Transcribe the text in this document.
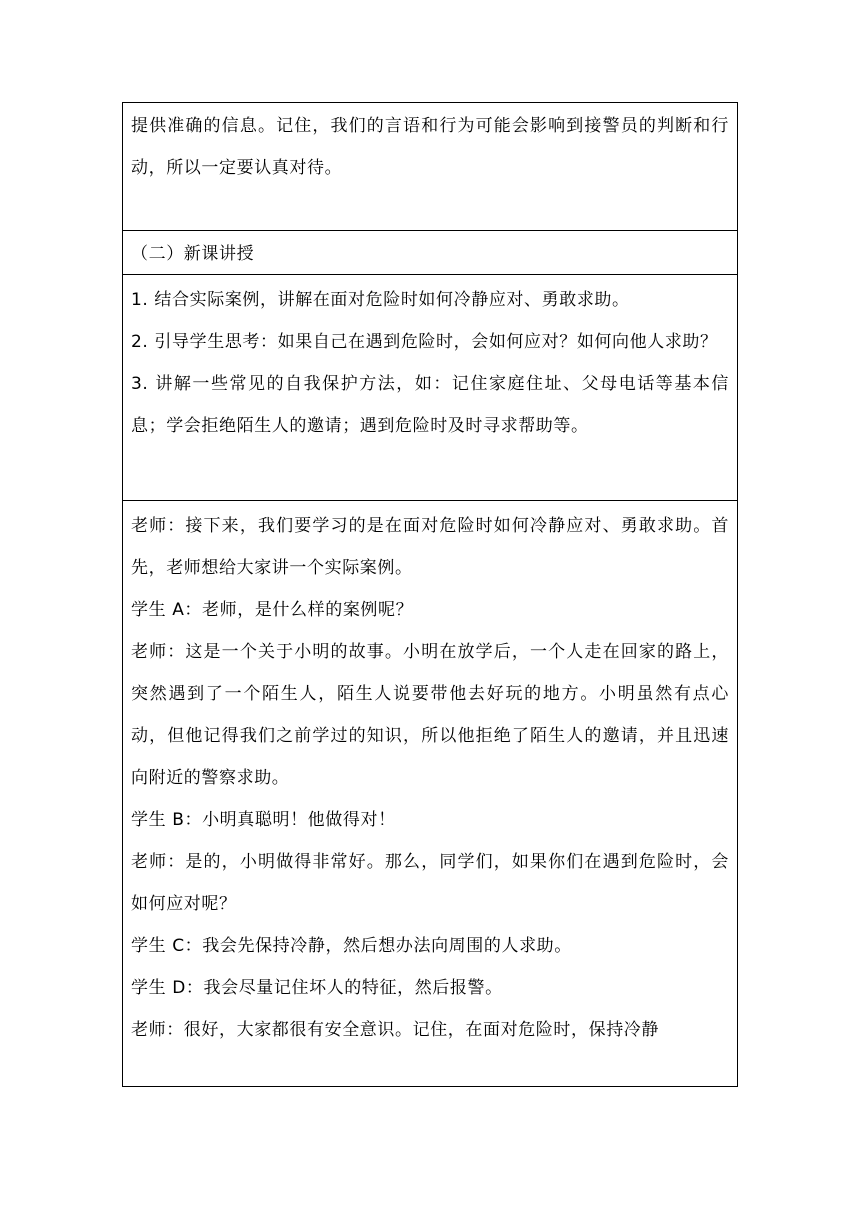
提供准确的信息。记住，我们的言语和行为可能会影响到接警员的判断和行动，所以一定要认真对待。

（二）新课讲授

1. 结合实际案例，讲解在面对危险时如何冷静应对、勇敢求助。

2. 引导学生思考：如果自己在遇到危险时，会如何应对？如何向他人求助？

3. 讲解一些常见的自我保护方法，如：记住家庭住址、父母电话等基本信息；学会拒绝陌生人的邀请；遇到危险时及时寻求帮助等。

老师：接下来，我们要学习的是在面对危险时如何冷静应对、勇敢求助。首先，老师想给大家讲一个实际案例。

学生 A：老师，是什么样的案例呢？

老师：这是一个关于小明的故事。小明在放学后，一个人走在回家的路上，突然遇到了一个陌生人，陌生人说要带他去好玩的地方。小明虽然有点心动，但他记得我们之前学过的知识，所以他拒绝了陌生人的邀请，并且迅速向附近的警察求助。

学生 B：小明真聪明！他做得对！

老师：是的，小明做得非常好。那么，同学们，如果你们在遇到危险时，会如何应对呢？

学生 C：我会先保持冷静，然后想办法向周围的人求助。

学生 D：我会尽量记住坏人的特征，然后报警。

老师：很好，大家都很有安全意识。记住，在面对危险时，保持冷静
